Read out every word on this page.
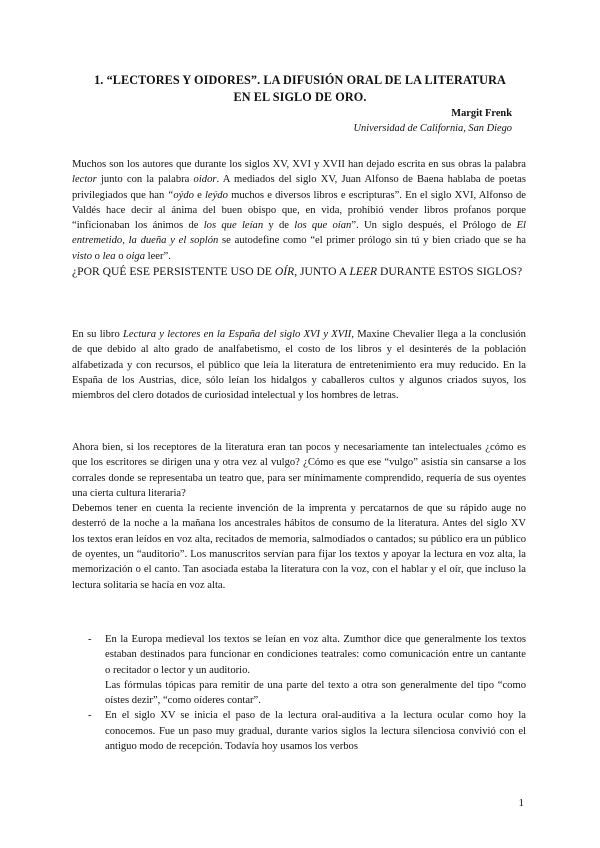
1. “LECTORES Y OIDORES”. LA DIFUSIÓN ORAL DE LA LITERATURA
EN EL SIGLO DE ORO.
Margit Frenk
Universidad de California, San Diego

Muchos son los autores que durante los siglos XV, XVI y XVII han dejado escrita en sus obras la palabra lector junto con la palabra oidor. A mediados del siglo XV, Juan Alfonso de Baena hablaba de poetas privilegiados que han “oýdo e leýdo muchos e diversos libros e escripturas”. En el siglo XVI, Alfonso de Valdés hace decir al ánima del buen obispo que, en vida, prohibió vender libros profanos porque “inficionaban los ánimos de los que leían y de los que oían”. Un siglo después, el Prólogo de El entremetido, la dueña y el soplón se autodefine como “el primer prólogo sin tú y bien criado que se ha visto o lea o oiga leer”.

¿POR QUÉ ESE PERSISTENTE USO DE OÍR, JUNTO A LEER DURANTE ESTOS SIGLOS?

En su libro Lectura y lectores en la España del siglo XVI y XVII, Maxine Chevalier llega a la conclusión de que debido al alto grado de analfabetismo, el costo de los libros y el desinterés de la población alfabetizada y con recursos, el público que leía la literatura de entretenimiento era muy reducido. En la España de los Austrias, dice, sólo leían los hidalgos y caballeros cultos y algunos criados suyos, los miembros del clero dotados de curiosidad intelectual y los hombres de letras.

Ahora bien, si los receptores de la literatura eran tan pocos y necesariamente tan intelectuales ¿cómo es que los escritores se dirigen una y otra vez al vulgo? ¿Cómo es que ese “vulgo” asistía sin cansarse a los corrales donde se representaba un teatro que, para ser mínimamente comprendido, requería de sus oyentes una cierta cultura literaria?

Debemos tener en cuenta la reciente invención de la imprenta y percatarnos de que su rápido auge no desterró de la noche a la mañana los ancestrales hábitos de consumo de la literatura. Antes del siglo XV los textos eran leídos en voz alta, recitados de memoria, salmodiados o cantados; su público era un público de oyentes, un “auditorio”. Los manuscritos servían para fijar los textos y apoyar la lectura en voz alta, la memorización o el canto. Tan asociada estaba la literatura con la voz, con el hablar y el oír, que incluso la lectura solitaria se hacía en voz alta.

- En la Europa medieval los textos se leían en voz alta. Zumthor dice que generalmente los textos estaban destinados para funcionar en condiciones teatrales: como comunicación entre un cantante o recitador o lector y un auditorio.
Las fórmulas tópicas para remitir de una parte del texto a otra son generalmente del tipo “como oístes dezir”, “como oíderes contar”.
- En el siglo XV se inicia el paso de la lectura oral-auditiva a la lectura ocular como hoy la conocemos. Fue un paso muy gradual, durante varios siglos la lectura silenciosa convivió con el antiguo modo de recepción. Todavía hoy usamos los verbos
1
